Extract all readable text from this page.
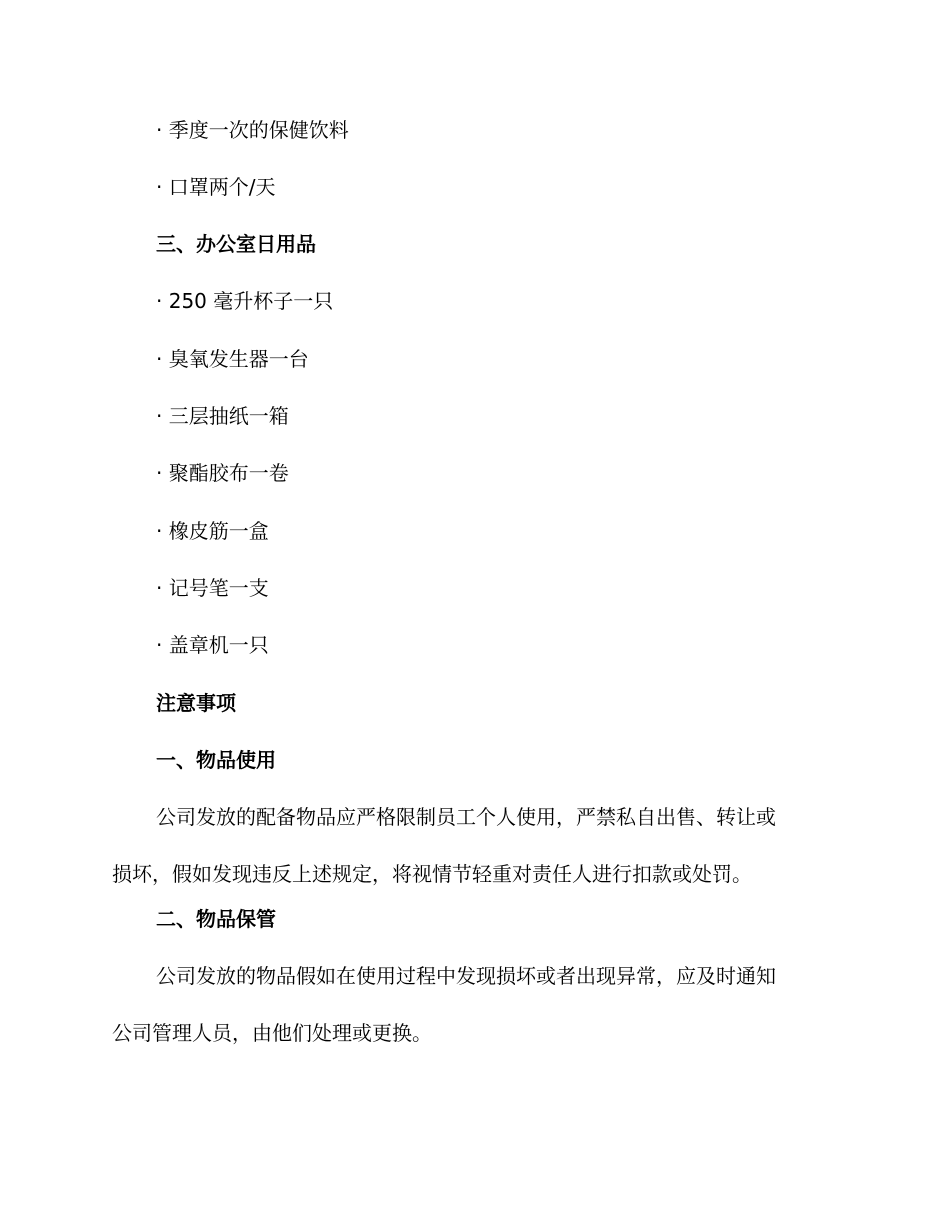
· 季度一次的保健饮料
· 口罩两个/天
三、办公室日用品
· 250 毫升杯子一只
· 臭氧发生器一台
· 三层抽纸一箱
· 聚酯胶布一卷
· 橡皮筋一盒
· 记号笔一支
· 盖章机一只
注意事项
一、物品使用
公司发放的配备物品应严格限制员工个人使用，严禁私自出售、转让或
损坏，假如发现违反上述规定，将视情节轻重对责任人进行扣款或处罚。
二、物品保管
公司发放的物品假如在使用过程中发现损坏或者出现异常，应及时通知
公司管理人员，由他们处理或更换。
